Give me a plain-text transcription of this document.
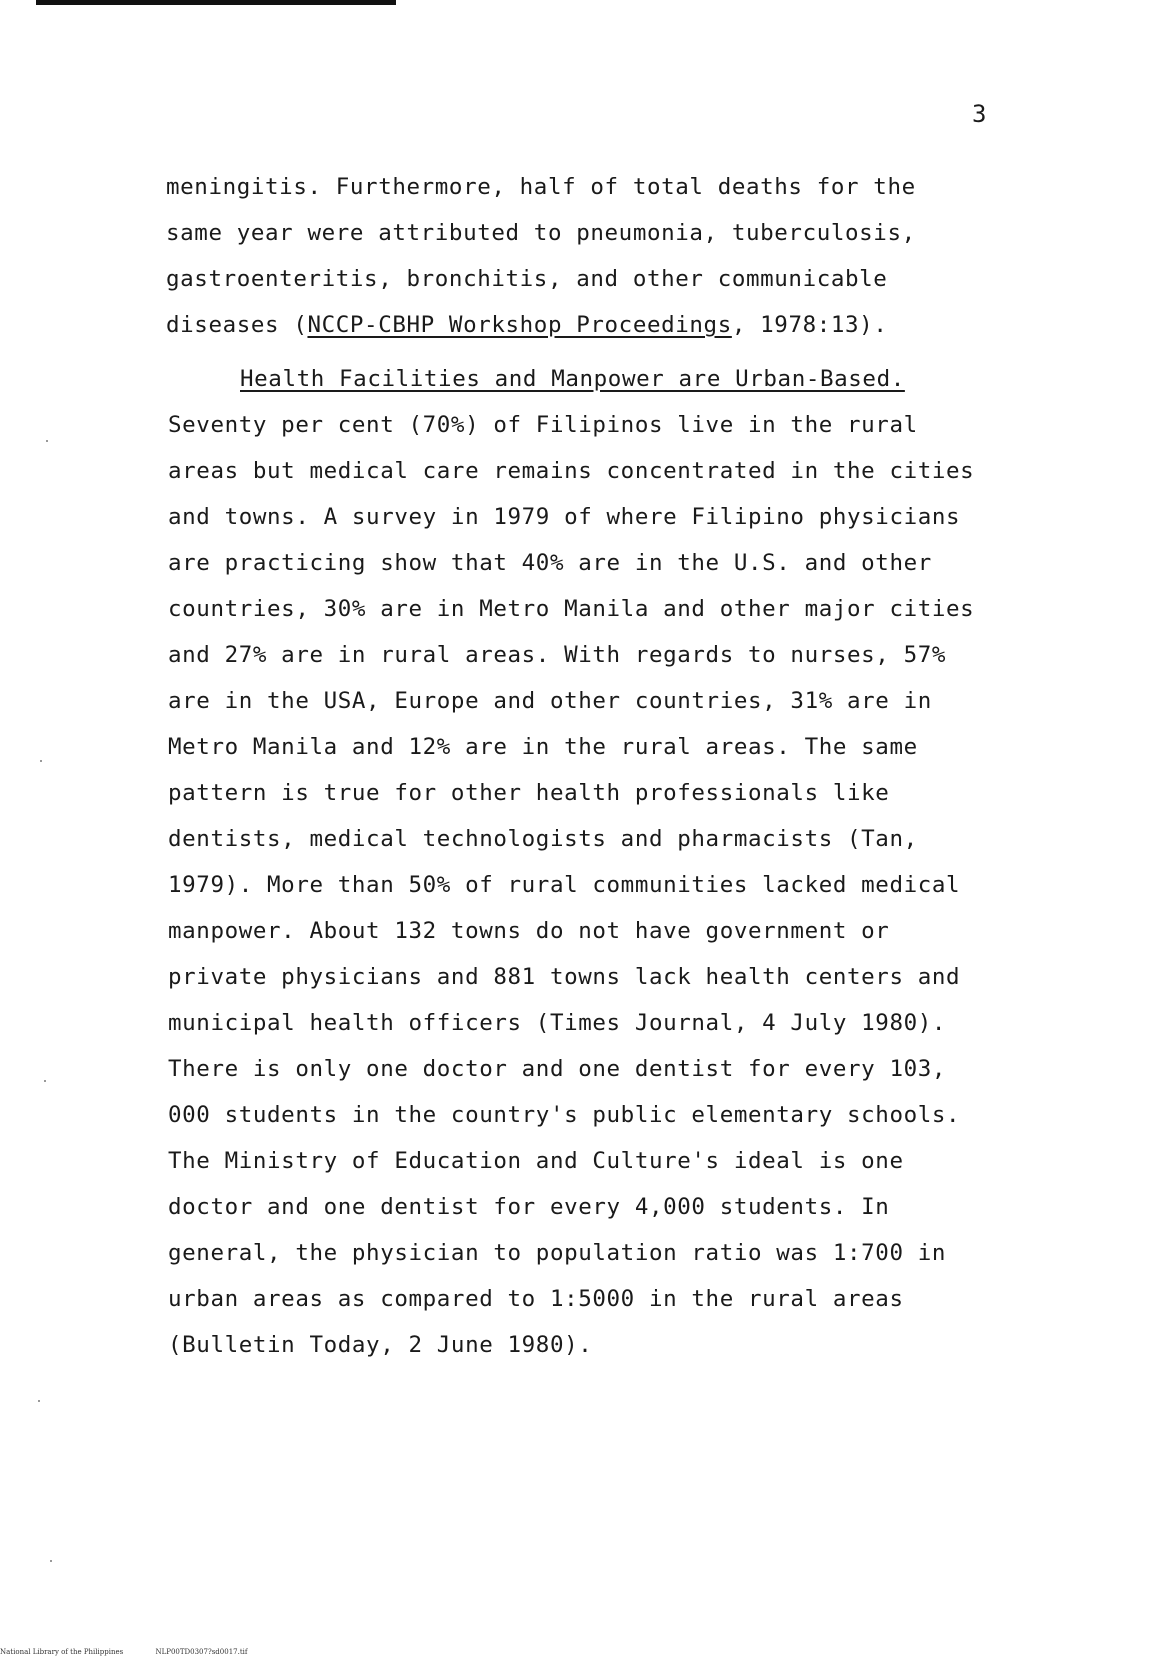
3
meningitis. Furthermore, half of total deaths for the
same year were attributed to pneumonia, tuberculosis,
gastroenteritis, bronchitis, and other communicable
diseases (NCCP-CBHP Workshop Proceedings, 1978:13).
Health Facilities and Manpower are Urban-Based.
Seventy per cent (70%) of Filipinos live in the rural
areas but medical care remains concentrated in the cities
and towns. A survey in 1979 of where Filipino physicians
are practicing show that 40% are in the U.S. and other
countries, 30% are in Metro Manila and other major cities
and 27% are in rural areas. With regards to nurses, 57%
are in the USA, Europe and other countries, 31% are in
Metro Manila and 12% are in the rural areas. The same
pattern is true for other health professionals like
dentists, medical technologists and pharmacists (Tan,
1979). More than 50% of rural communities lacked medical
manpower. About 132 towns do not have government or
private physicians and 881 towns lack health centers and
municipal health officers (Times Journal, 4 July 1980).
There is only one doctor and one dentist for every 103,
000 students in the country's public elementary schools.
The Ministry of Education and Culture's ideal is one
doctor and one dentist for every 4,000 students. In
general, the physician to population ratio was 1:700 in
urban areas as compared to 1:5000 in the rural areas
(Bulletin Today, 2 June 1980).
National Library of the Philippines	NLP00TD0307?sd0017.tif
